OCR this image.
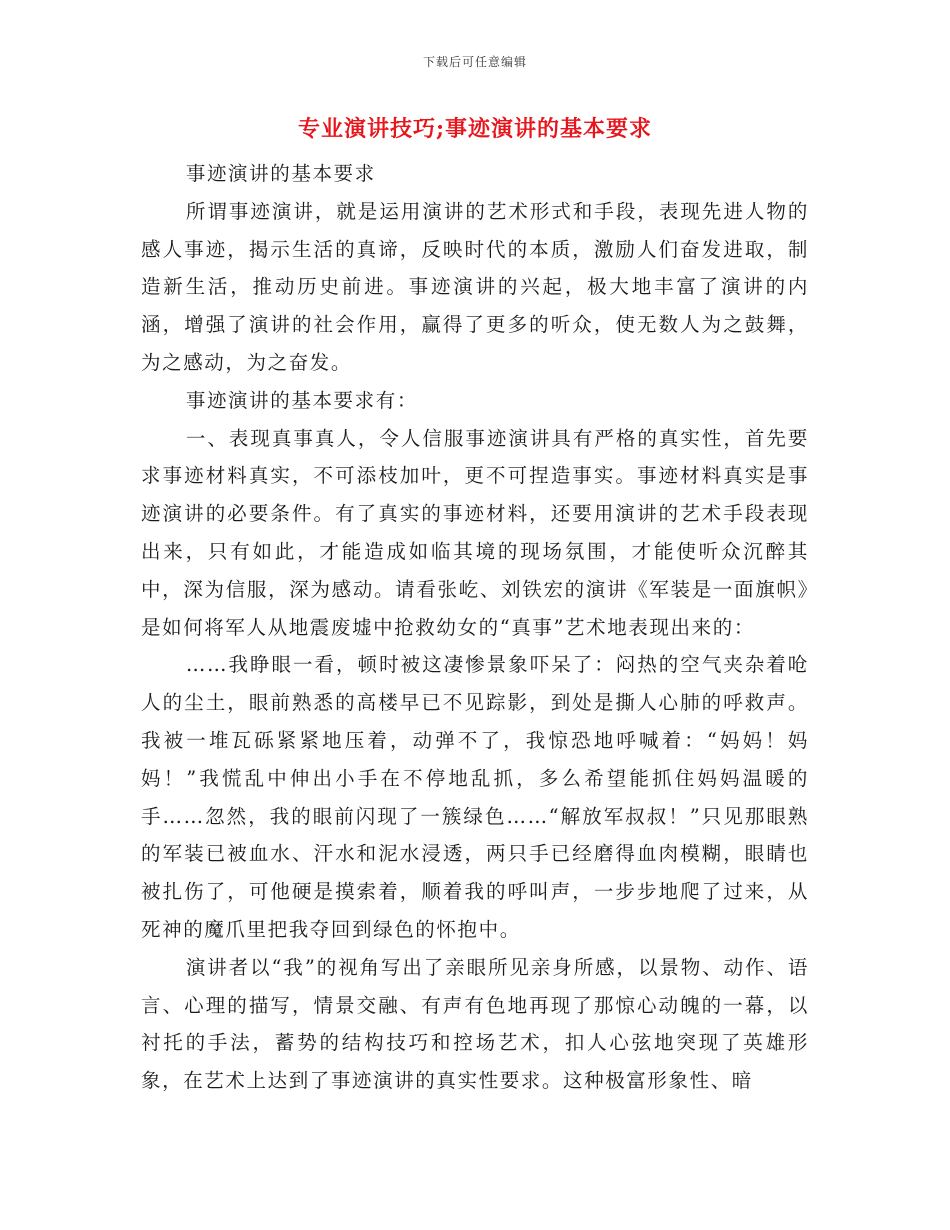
下载后可任意编辑
专业演讲技巧;事迹演讲的基本要求

事迹演讲的基本要求

所谓事迹演讲，就是运用演讲的艺术形式和手段，表现先进人物的感人事迹，揭示生活的真谛，反映时代的本质，激励人们奋发进取，制造新生活，推动历史前进。事迹演讲的兴起，极大地丰富了演讲的内涵，增强了演讲的社会作用，赢得了更多的听众，使无数人为之鼓舞，为之感动，为之奋发。

事迹演讲的基本要求有：

一、表现真事真人，令人信服事迹演讲具有严格的真实性，首先要求事迹材料真实，不可添枝加叶，更不可捏造事实。事迹材料真实是事迹演讲的必要条件。有了真实的事迹材料，还要用演讲的艺术手段表现出来，只有如此，才能造成如临其境的现场氛围，才能使听众沉醉其中，深为信服，深为感动。请看张屹、刘铁宏的演讲《军装是一面旗帜》是如何将军人从地震废墟中抢救幼女的“真事”艺术地表现出来的：

……我睁眼一看，顿时被这凄惨景象吓呆了：闷热的空气夹杂着呛人的尘土，眼前熟悉的高楼早已不见踪影，到处是撕人心肺的呼救声。我被一堆瓦砾紧紧地压着，动弹不了，我惊恐地呼喊着：“妈妈！妈妈！”我慌乱中伸出小手在不停地乱抓，多么希望能抓住妈妈温暖的手……忽然，我的眼前闪现了一簇绿色……“解放军叔叔！”只见那眼熟的军装已被血水、汗水和泥水浸透，两只手已经磨得血肉模糊，眼睛也被扎伤了，可他硬是摸索着，顺着我的呼叫声，一步步地爬了过来，从死神的魔爪里把我夺回到绿色的怀抱中。

演讲者以“我”的视角写出了亲眼所见亲身所感，以景物、动作、语言、心理的描写，情景交融、有声有色地再现了那惊心动魄的一幕，以衬托的手法，蓄势的结构技巧和控场艺术，扣人心弦地突现了英雄形象，在艺术上达到了事迹演讲的真实性要求。这种极富形象性、暗
